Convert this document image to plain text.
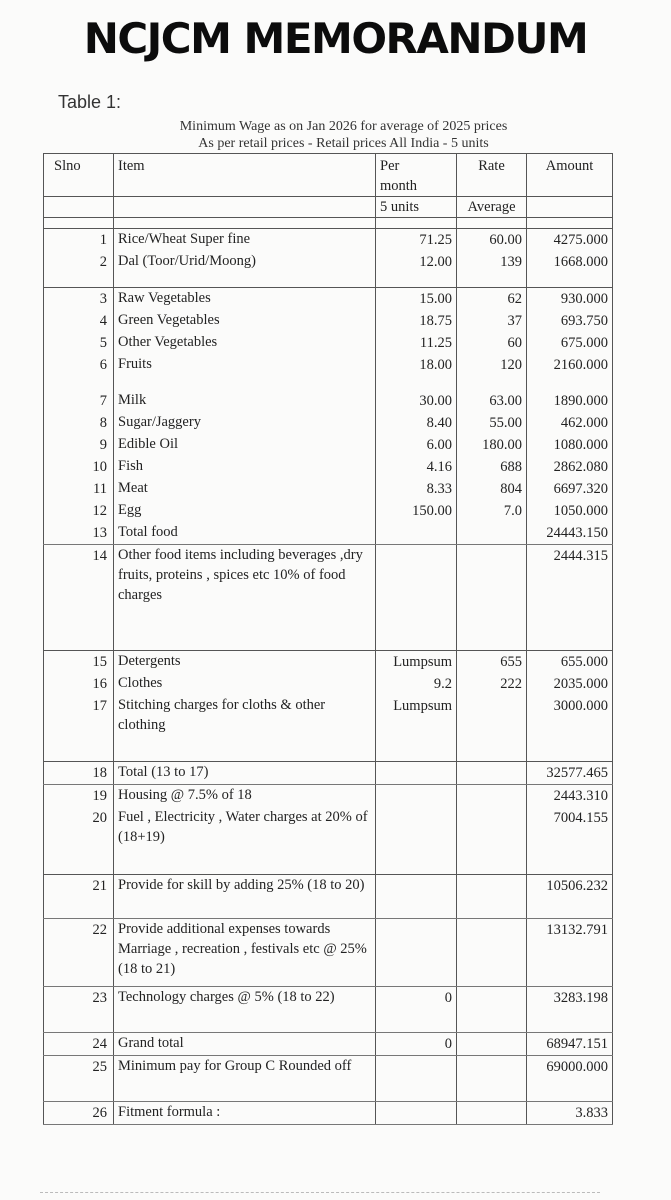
NCJCM MEMORANDUM
Table 1:
Minimum Wage as on Jan 2026 for average of 2025 prices
As per retail prices - Retail prices All India - 5 units
Slno	Item	Per month	Rate	Amount
		5 units	Average	

1	Rice/Wheat Super fine	71.25	60.00	4275.000
2	Dal (Toor/Urid/Moong)	12.00	139	1668.000

3	Raw Vegetables	15.00	62	930.000
4	Green Vegetables	18.75	37	693.750
5	Other Vegetables	11.25	60	675.000
6	Fruits	18.00	120	2160.000

7	Milk	30.00	63.00	1890.000
8	Sugar/Jaggery	8.40	55.00	462.000
9	Edible Oil	6.00	180.00	1080.000
10	Fish	4.16	688	2862.080
11	Meat	8.33	804	6697.320
12	Egg	150.00	7.0	1050.000
13	Total food			24443.150
14	Other food items including beverages ,dry fruits, proteins , spices etc 10% of food charges			2444.315

15	Detergents	Lumpsum	655	655.000
16	Clothes	9.2	222	2035.000
17	Stitching charges for cloths & other clothing	Lumpsum		3000.000

18	Total (13 to 17)			32577.465
19	Housing @ 7.5% of 18			2443.310
20	Fuel , Electricity , Water charges at 20% of (18+19)			7004.155

21	Provide for skill by adding 25% (18 to 20)			10506.232
22	Provide additional expenses towards Marriage , recreation , festivals etc @ 25% (18 to 21)			13132.791
23	Technology charges @ 5% (18 to 22)	0		3283.198
24	Grand total	0		68947.151
25	Minimum pay for Group C Rounded off			69000.000
26	Fitment formula :			3.833
